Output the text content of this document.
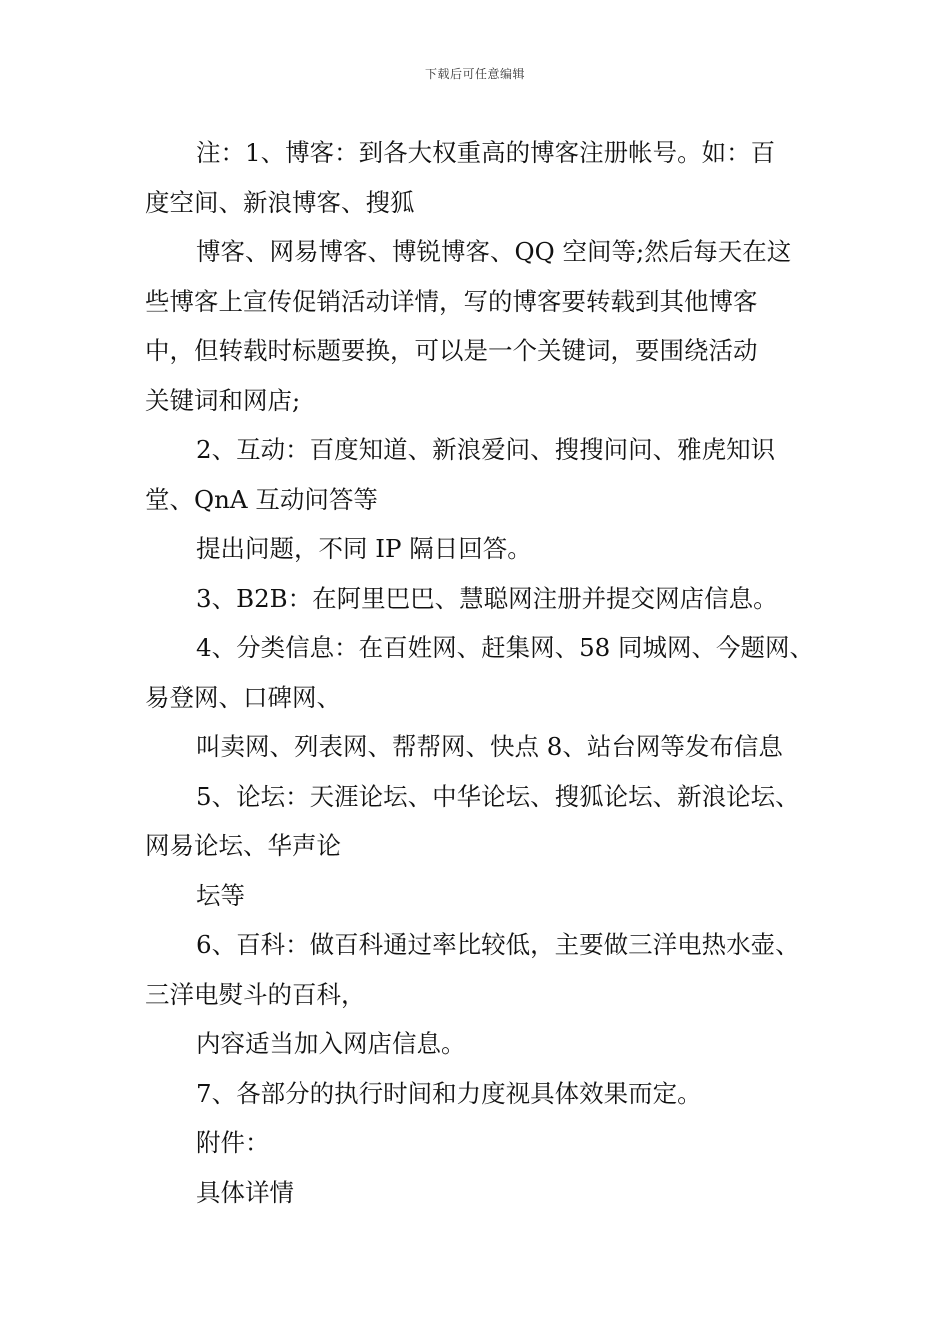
下载后可任意编辑
注：1、博客：到各大权重高的博客注册帐号。如：百
度空间、新浪博客、搜狐
博客、网易博客、博锐博客、QQ 空间等;然后每天在这
些博客上宣传促销活动详情，写的博客要转载到其他博客
中，但转载时标题要换，可以是一个关键词，要围绕活动
关键词和网店;
2、互动：百度知道、新浪爱问、搜搜问问、雅虎知识
堂、QnA 互动问答等
提出问题，不同 IP 隔日回答。
3、B2B：在阿里巴巴、慧聪网注册并提交网店信息。
4、分类信息：在百姓网、赶集网、58 同城网、今题网、
易登网、口碑网、
叫卖网、列表网、帮帮网、快点 8、站台网等发布信息
5、论坛：天涯论坛、中华论坛、搜狐论坛、新浪论坛、
网易论坛、华声论
坛等
6、百科：做百科通过率比较低，主要做三洋电热水壶、
三洋电熨斗的百科，
内容适当加入网店信息。
7、各部分的执行时间和力度视具体效果而定。
附件：
具体详情
